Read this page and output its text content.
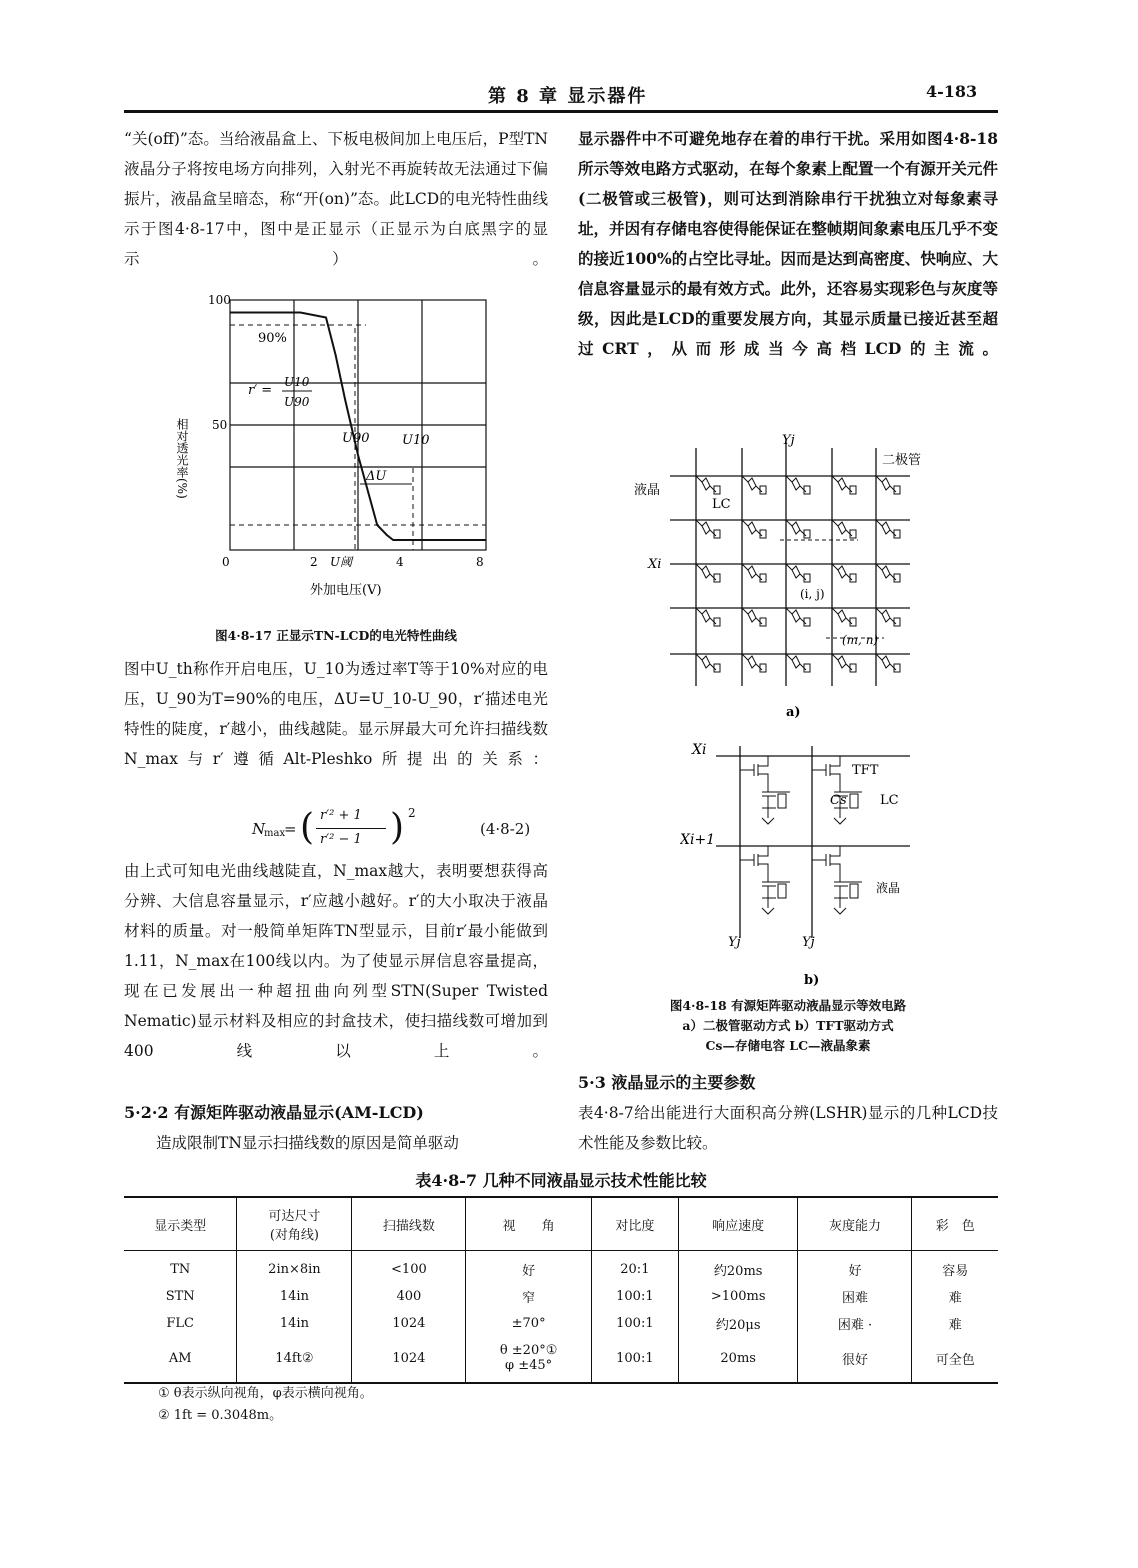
第 8 章 显示器件	4-183
“关(off)”态。当给液晶盒上、下板电极间加上电压后，P型TN液晶分子将按电场方向排列，入射光不再旋转故无法通过下偏振片，液晶盒呈暗态，称“开(on)”态。此LCD的电光特性曲线示于图4·8-17中，图中是正显示（正显示为白底黑字的显示）。
100
50
0	2	4	8
U阈
90%
r′ =
U10
U90
U90	U10
ΔU
相对透光率(%)
外加电压(V)
图4·8-17 正显示TN-LCD的电光特性曲线
图中U_th称作开启电压，U_10为透过率T等于10%对应的电压，U_90为T=90%的电压，ΔU=U_10-U_90，r′描述电光特性的陡度，r′越小，曲线越陡。显示屏最大可允许扫描线数N_max与r′遵循Alt-Pleshko所提出的关系：
N
max
= ( r′² + 1
r′² − 1 ) 2
(4·8-2)
由上式可知电光曲线越陡直，N_max越大，表明要想获得高分辨、大信息容量显示，r′应越小越好。r′的大小取决于液晶材料的质量。对一般简单矩阵TN型显示，目前r′最小能做到1.11，N_max在100线以内。为了使显示屏信息容量提高，现在已发展出一种超扭曲向列型STN(Super Twisted Nematic)显示材料及相应的封盒技术，使扫描线数可增加到400线以上。
5·2·2 有源矩阵驱动液晶显示(AM-LCD)
造成限制TN显示扫描线数的原因是简单驱动
显示器件中不可避免地存在着的串行干扰。采用如图4·8-18所示等效电路方式驱动，在每个象素上配置一个有源开关元件(二极管或三极管)，则可达到消除串行干扰独立对每象素寻址，并因有存储电容使得能保证在整帧期间象素电压几乎不变的接近100%的占空比寻址。因而是达到高密度、快响应、大信息容量显示的最有效方式。此外，还容易实现彩色与灰度等级，因此是LCD的重要发展方向，其显示质量已接近甚至超过CRT，从而形成当今高档LCD的主流。
Yj
二极管
液晶
LC
Xi
(i, j)
(m, n)
a)
Xi
Xi+1
TFT
Cs	LC
液晶
Yj	Yj
b)
图4·8-18 有源矩阵驱动液晶显示等效电路
a）二极管驱动方式 b）TFT驱动方式
Cs—存储电容 LC—液晶象素
5·3 液晶显示的主要参数
表4·8-7给出能进行大面积高分辨(LSHR)显示的几种LCD技术性能及参数比较。
表4·8-7 几种不同液晶显示技术性能比较
显示类型	可达尺寸
(对角线)	扫描线数	视　　角	对比度	响应速度	灰度能力	彩　色
TN	2in×8in	<100	好	20:1	约20ms	好	容易
STN	14in	400	窄	100:1	>100ms	困难	难
FLC	14in	1024	±70°	100:1	约20μs	困难 ·	难
AM	14ft②	1024	θ ±20°①
φ ±45°	100:1	20ms	很好	可全色
① θ表示纵向视角，φ表示横向视角。
② 1ft = 0.3048m。
